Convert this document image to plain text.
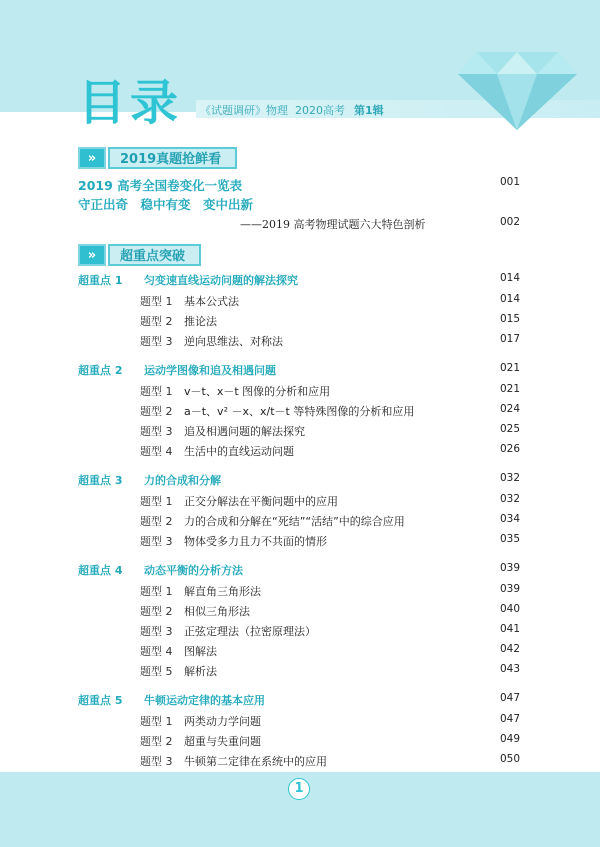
目录 《试题调研》物理 2020高考 第1辑
»	2019真题抢鲜看
2019 高考全国卷变化一览表	001
守正出奇　稳中有变　变中出新
——2019 高考物理试题六大特色剖析	002
»	超重点突破
超重点 1 匀变速直线运动问题的解法探究	014
题型 1 基本公式法	014
题型 2 推论法	015
题型 3 逆向思维法、对称法	017
超重点 2 运动学图像和追及相遇问题	021
题型 1 v－t、x－t 图像的分析和应用	021
题型 2 a－t、v² －x、x/t－t 等特殊图像的分析和应用	024
题型 3 追及相遇问题的解法探究	025
题型 4 生活中的直线运动问题	026
超重点 3 力的合成和分解	032
题型 1 正交分解法在平衡问题中的应用	032
题型 2 力的合成和分解在“死结”“活结”中的综合应用	034
题型 3 物体受多力且力不共面的情形	035
超重点 4 动态平衡的分析方法	039
题型 1 解直角三角形法	039
题型 2 相似三角形法	040
题型 3 正弦定理法（拉密原理法）	041
题型 4 图解法	042
题型 5 解析法	043
超重点 5 牛顿运动定律的基本应用	047
题型 1 两类动力学问题	047
题型 2 超重与失重问题	049
题型 3 牛顿第二定律在系统中的应用	050
1
